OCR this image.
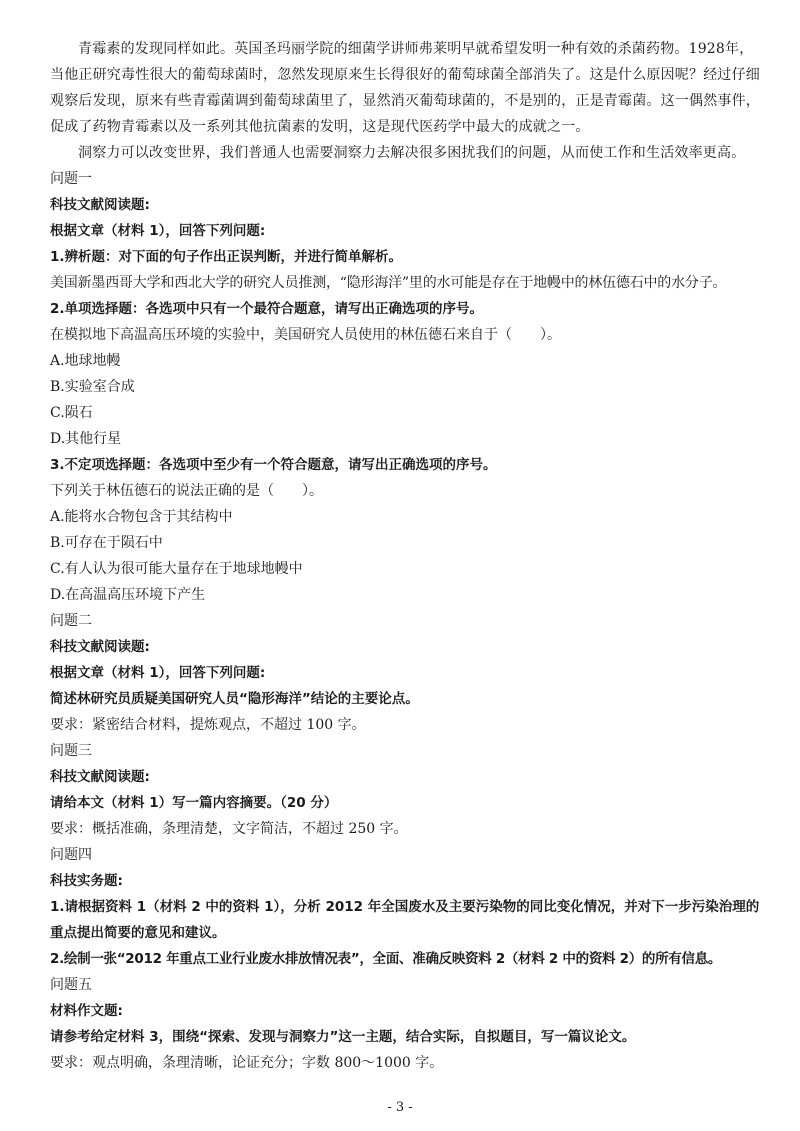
青霉素的发现同样如此。英国圣玛丽学院的细菌学讲师弗莱明早就希望发明一种有效的杀菌药物。1928年，当他正研究毒性很大的葡萄球菌时，忽然发现原来生长得很好的葡萄球菌全部消失了。这是什么原因呢？经过仔细观察后发现，原来有些青霉菌调到葡萄球菌里了，显然消灭葡萄球菌的，不是别的，正是青霉菌。这一偶然事件，促成了药物青霉素以及一系列其他抗菌素的发明，这是现代医药学中最大的成就之一。

洞察力可以改变世界，我们普通人也需要洞察力去解决很多困扰我们的问题，从而使工作和生活效率更高。

问题一

科技文献阅读题:

根据文章（材料 1），回答下列问题:

1.辨析题：对下面的句子作出正误判断，并进行简单解析。

美国新墨西哥大学和西北大学的研究人员推测，“隐形海洋”里的水可能是存在于地幔中的林伍德石中的水分子。

2.单项选择题：各选项中只有一个最符合题意，请写出正确选项的序号。

在模拟地下高温高压环境的实验中，美国研究人员使用的林伍德石来自于（　　）。

A.地球地幔

B.实验室合成

C.陨石

D.其他行星

3.不定项选择题：各选项中至少有一个符合题意，请写出正确选项的序号。

下列关于林伍德石的说法正确的是（　　）。

A.能将水合物包含于其结构中

B.可存在于陨石中

C.有人认为很可能大量存在于地球地幔中

D.在高温高压环境下产生

问题二

科技文献阅读题:

根据文章（材料 1），回答下列问题:

简述林研究员质疑美国研究人员“隐形海洋”结论的主要论点。

要求：紧密结合材料，提炼观点，不超过 100 字。

问题三

科技文献阅读题:

请给本文（材料 1）写一篇内容摘要。（20 分）

要求：概括准确，条理清楚，文字简洁，不超过 250 字。

问题四

科技实务题:

1.请根据资料 1（材料 2 中的资料 1），分析 2012 年全国废水及主要污染物的同比变化情况，并对下一步污染治理的重点提出简要的意见和建议。

2.绘制一张“2012 年重点工业行业废水排放情况表”，全面、准确反映资料 2（材料 2 中的资料 2）的所有信息。

问题五

材料作文题:

请参考给定材料 3，围绕“探索、发现与洞察力”这一主题，结合实际，自拟题目，写一篇议论文。

要求：观点明确，条理清晰，论证充分；字数 800～1000 字。

- 3 -
